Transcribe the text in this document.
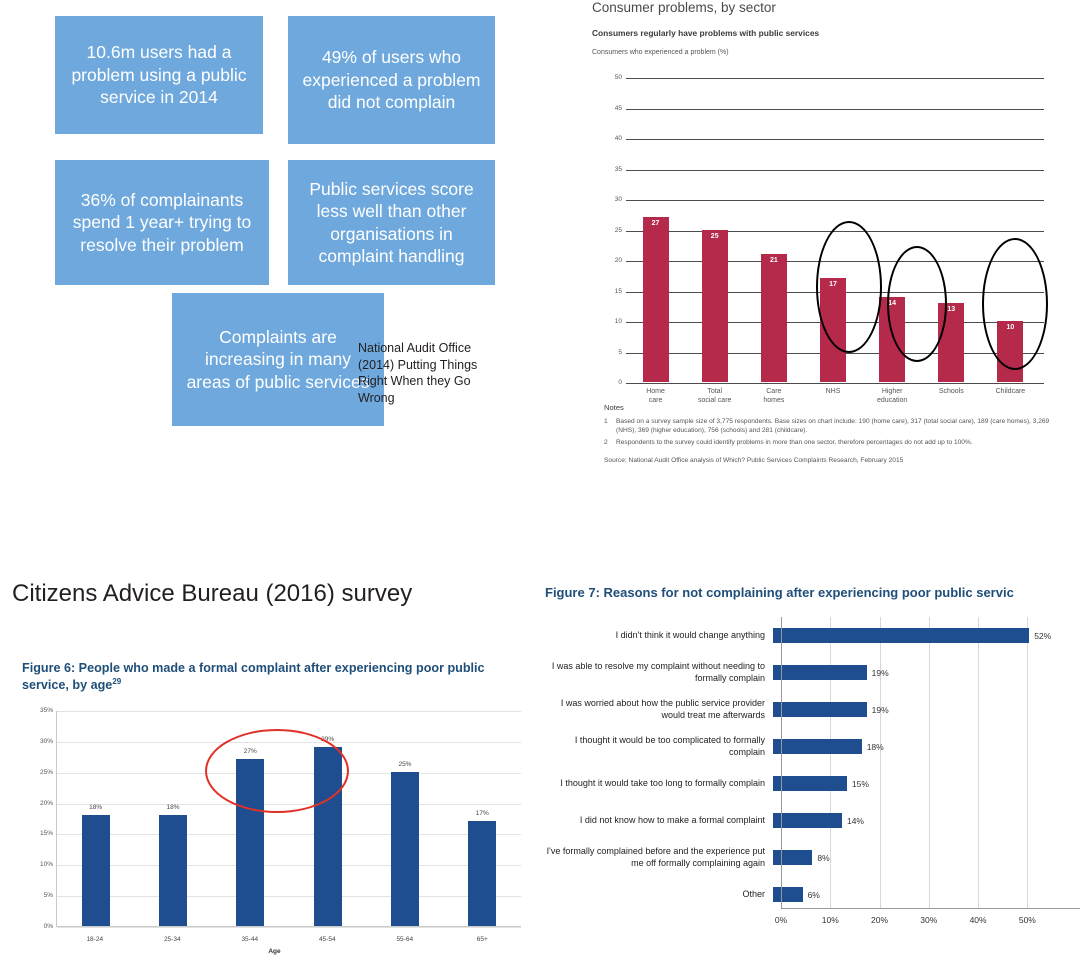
10.6m users had a problem using a public service in 2014
49% of users who experienced a problem did not complain
36% of complainants spend 1 year+ trying to resolve their problem
Public services score less well than other organisations in complaint handling
Complaints are increasing in many areas of public services
National Audit Office (2014) Putting Things Right When they Go Wrong
Consumer problems, by sector
Consumers regularly have problems with public services
Consumers who experienced a problem (%)
0
5
10
15
20
25
30
35
40
45
50
27
25
21
17
14
13
10
Home
care
Total
social care
Care
homes
NHS	Higher
education
Schools	Childcare
Notes
1	Based on a survey sample size of 3,775 respondents. Base sizes on chart include: 190 (home care), 317 (total social care), 189 (care homes), 3,269 (NHS), 369 (higher education), 756 (schools) and 281 (childcare).
2	Respondents to the survey could identify problems in more than one sector, therefore percentages do not add up to 100%.
Source: National Audit Office analysis of Which? Public Services Complaints Research, February 2015
Citizens Advice Bureau (2016) survey
Figure 6: People who made a formal complaint after experiencing poor public service, by age$^{29}$
0%
5%
10%
15%
20%
25%
30%
35%
18%	18%
27%
29%
25%
17%
18-24	25-34	35-44	45-54	55-64	65+
Age
Figure 7: Reasons for not complaining after experiencing poor public servic
I didn't think it would change anything	52%
I was able to resolve my complaint without needing to formally complain	19%
I was worried about how the public service provider would treat me afterwards	19%
I thought it would be too complicated to formally complain	18%
I thought it would take too long to formally complain	15%
I did not know how to make a formal complaint	14%
I've formally complained before and the experience put me off formally complaining again	8%
Other	6%
0%	10%	20%	30%	40%	50%
